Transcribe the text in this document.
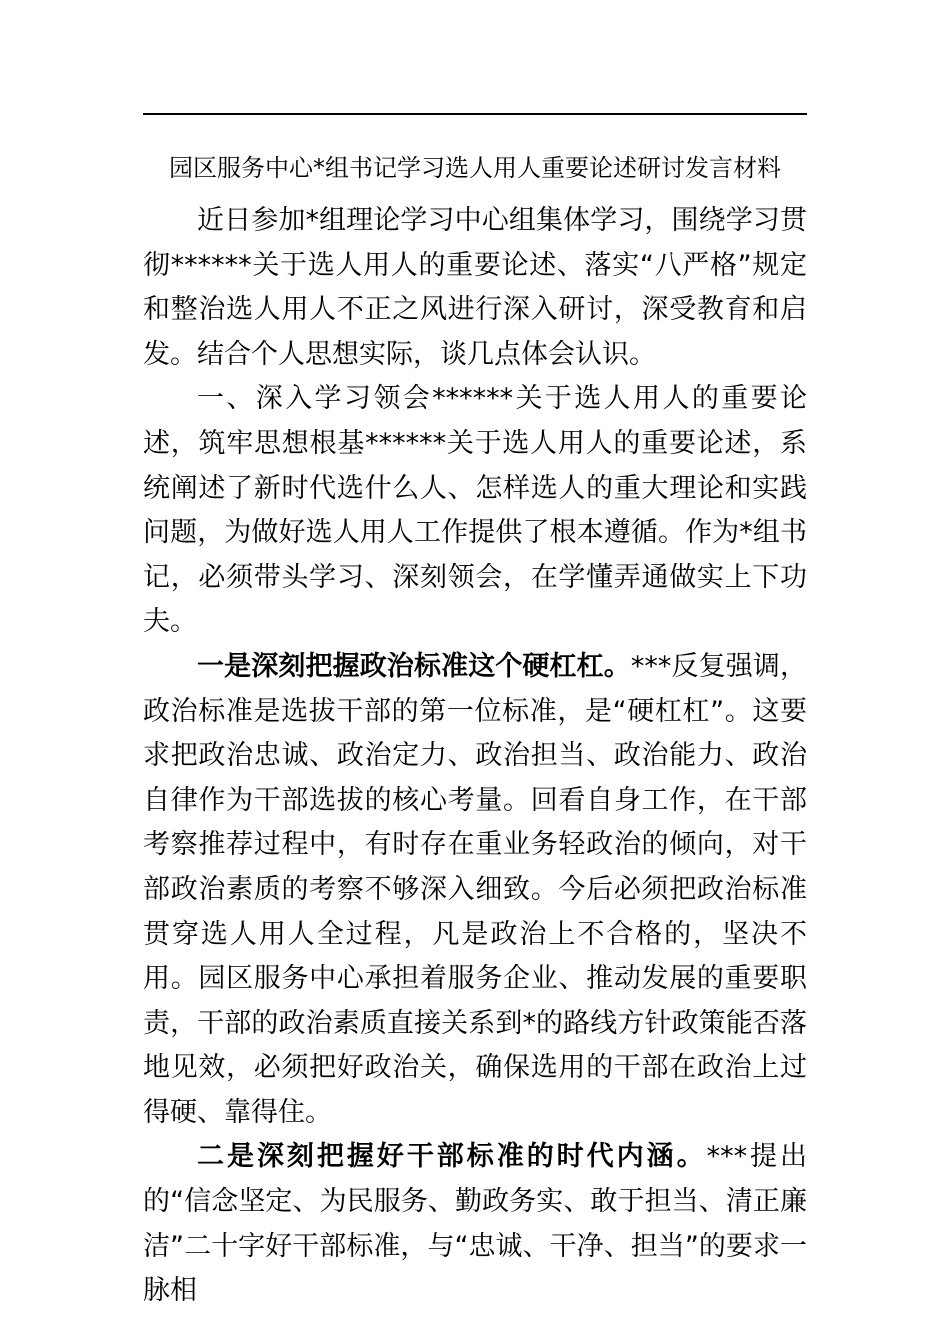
园区服务中心*组书记学习选人用人重要论述研讨发言材料

近日参加*组理论学习中心组集体学习，围绕学习贯彻******关于选人用人的重要论述、落实“八严格”规定和整治选人用人不正之风进行深入研讨，深受教育和启发。结合个人思想实际，谈几点体会认识。

一、深入学习领会******关于选人用人的重要论述，筑牢思想根基******关于选人用人的重要论述，系统阐述了新时代选什么人、怎样选人的重大理论和实践问题，为做好选人用人工作提供了根本遵循。作为*组书记，必须带头学习、深刻领会，在学懂弄通做实上下功夫。

一是深刻把握政治标准这个硬杠杠。***反复强调，政治标准是选拔干部的第一位标准，是“硬杠杠”。这要求把政治忠诚、政治定力、政治担当、政治能力、政治自律作为干部选拔的核心考量。回看自身工作，在干部考察推荐过程中，有时存在重业务轻政治的倾向，对干部政治素质的考察不够深入细致。今后必须把政治标准贯穿选人用人全过程，凡是政治上不合格的，坚决不用。园区服务中心承担着服务企业、推动发展的重要职责，干部的政治素质直接关系到*的路线方针政策能否落地见效，必须把好政治关，确保选用的干部在政治上过得硬、靠得住。

二是深刻把握好干部标准的时代内涵。***提出的“信念坚定、为民服务、勤政务实、敢于担当、清正廉洁”二十字好干部标准，与“忠诚、干净、担当”的要求一脉相
